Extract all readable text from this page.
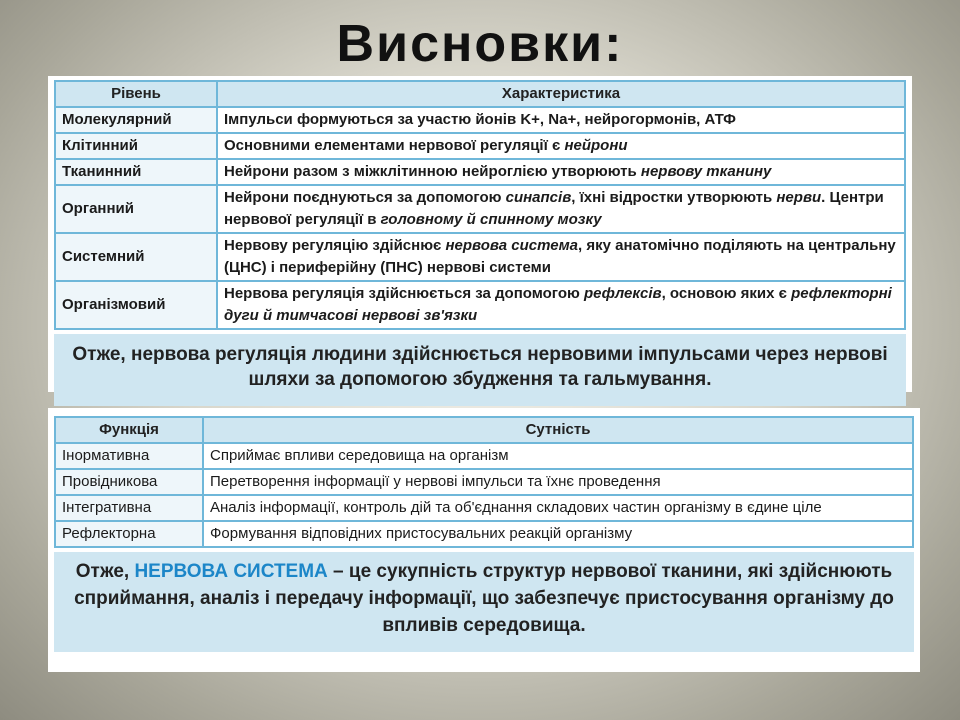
Висновки:
Рівень	Характеристика
Молекулярний	Імпульси формуються за участю йонів K+, Na+, нейрогормонів, АТФ
Клітинний	Основними елементами нервової регуляції є нейрони
Тканинний	Нейрони разом з міжклітинною нейроглією утворюють нервову тканину
Органний	Нейрони поєднуються за допомогою синапсів, їхні відростки утворюють нерви. Центри нервової регуляції в головному й спинному мозку
Системний	Нервову регуляцію здійснює нервова система, яку анатомічно поділяють на центральну (ЦНС) і периферійну (ПНС) нервові системи
Організмовий	Нервова регуляція здійснюється за допомогою рефлексів, основою яких є рефлекторні дуги й тимчасові нервові зв'язки
Отже, нервова регуляція людини здійснюється нервовими імпульсами через нервові шляхи за допомогою збудження та гальмування.
Функція	Сутність
Інормативна	Сприймає впливи середовища на організм
Провідникова	Перетворення інформації у нервові імпульси та їхнє проведення
Інтегративна	Аналіз інформації, контроль дій та об'єднання складових частин організму в єдине ціле
Рефлекторна	Формування відповідних пристосувальних реакцій організму
Отже, НЕРВОВА СИСТЕМА – це сукупність структур нервової тканини, які здійснюють сприймання, аналіз і передачу інформації, що забезпечує пристосування організму до впливів середовища.
